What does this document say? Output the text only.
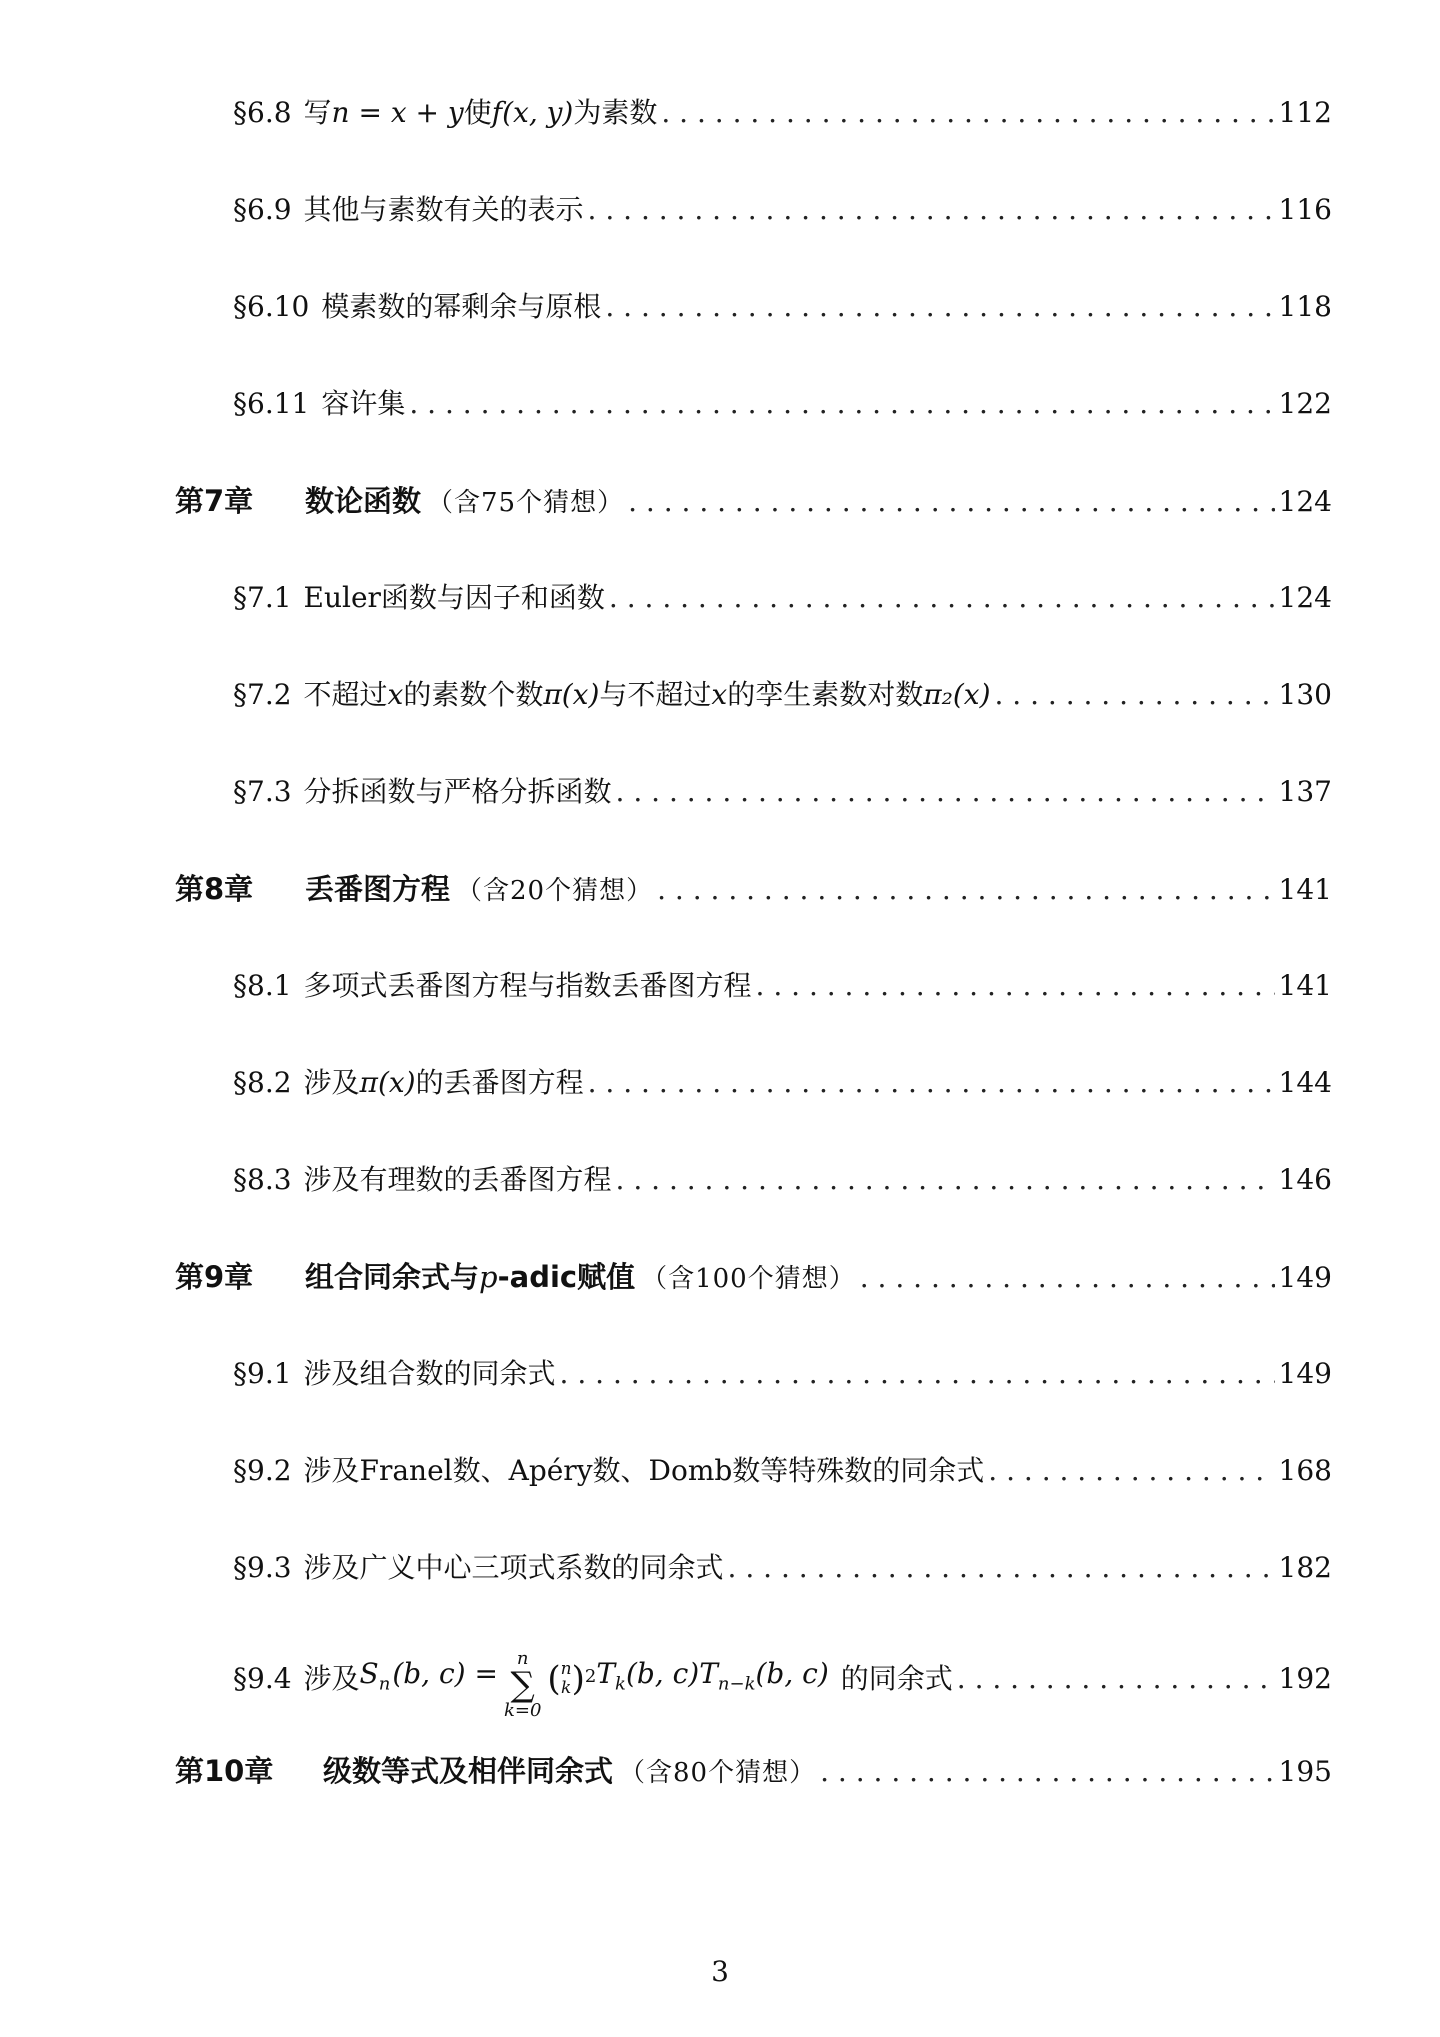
§6.8 写n = x + y使f(x, y)为素数 . . .	112
§6.9 其他与素数有关的表示 . . .	116
§6.10 模素数的幂剩余与原根 . . .	118
§6.11 容许集 . . .	122
第7章 数论函数 （含75个猜想） . . .	124
§7.1 Euler函数与因子和函数 . . .	124
§7.2 不超过x的素数个数π(x)与不超过x的孪生素数对数π₂(x) . . .	130
§7.3 分拆函数与严格分拆函数 . . .	137
第8章 丢番图方程 （含20个猜想） . . .	141
§8.1 多项式丢番图方程与指数丢番图方程 . . .	141
§8.2 涉及π(x)的丢番图方程 . . .	144
§8.3 涉及有理数的丢番图方程 . . .	146
第9章 组合同余式与p-adic赋值 （含100个猜想） . . .	149
§9.1 涉及组合数的同余式 . . .	149
§9.2 涉及Franel数、Apéry数、Domb数等特殊数的同余式 . . .	168
§9.3 涉及广义中心三项式系数的同余式 . . .	182
§9.4 涉及 $S_n(b$, c) = n
∑
k=0
( n
k ) 2 $T_k(b$, c) $T_{n-k}(b$, c) 的同余式 . . .	192
第10章 级数等式及相伴同余式 （含80个猜想） . . .	195
3
